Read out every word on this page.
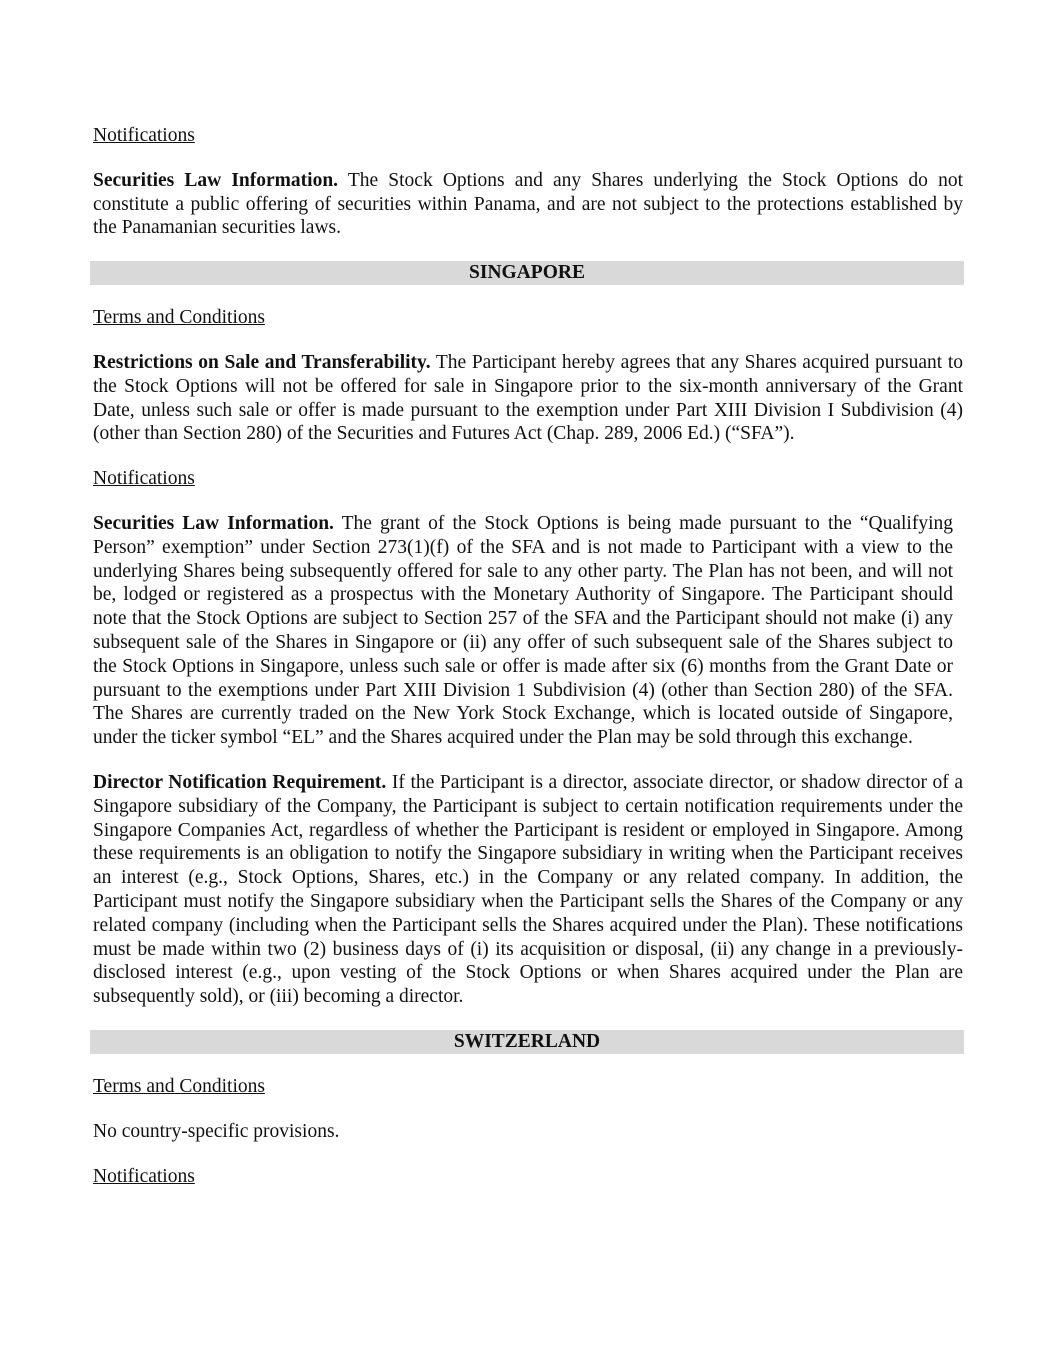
Notifications

Securities Law Information. The Stock Options and any Shares underlying the Stock Options do not constitute a public offering of securities within Panama, and are not subject to the protections established by the Panamanian securities laws.

SINGAPORE

Terms and Conditions

Restrictions on Sale and Transferability. The Participant hereby agrees that any Shares acquired pursuant to the Stock Options will not be offered for sale in Singapore prior to the six-month anniversary of the Grant Date, unless such sale or offer is made pursuant to the exemption under Part XIII Division I Subdivision (4) (other than Section 280) of the Securities and Futures Act (Chap. 289, 2006 Ed.) (“SFA”).

Notifications

Securities Law Information. The grant of the Stock Options is being made pursuant to the “Qualifying Person” exemption” under Section 273(1)(f) of the SFA and is not made to Participant with a view to the underlying Shares being subsequently offered for sale to any other party. The Plan has not been, and will not be, lodged or registered as a prospectus with the Monetary Authority of Singapore. The Participant should note that the Stock Options are subject to Section 257 of the SFA and the Participant should not make (i) any subsequent sale of the Shares in Singapore or (ii) any offer of such subsequent sale of the Shares subject to the Stock Options in Singapore, unless such sale or offer is made after six (6) months from the Grant Date or pursuant to the exemptions under Part XIII Division 1 Subdivision (4) (other than Section 280) of the SFA. The Shares are currently traded on the New York Stock Exchange, which is located outside of Singapore, under the ticker symbol “EL” and the Shares acquired under the Plan may be sold through this exchange.

Director Notification Requirement. If the Participant is a director, associate director, or shadow director of a Singapore subsidiary of the Company, the Participant is subject to certain notification requirements under the Singapore Companies Act, regardless of whether the Participant is resident or employed in Singapore. Among these requirements is an obligation to notify the Singapore subsidiary in writing when the Participant receives an interest (e.g., Stock Options, Shares, etc.) in the Company or any related company. In addition, the Participant must notify the Singapore subsidiary when the Participant sells the Shares of the Company or any related company (including when the Participant sells the Shares acquired under the Plan). These notifications must be made within two (2) business days of (i) its acquisition or disposal, (ii) any change in a previously-disclosed interest (e.g., upon vesting of the Stock Options or when Shares acquired under the Plan are subsequently sold), or (iii) becoming a director.

SWITZERLAND

Terms and Conditions

No country-specific provisions.

Notifications
